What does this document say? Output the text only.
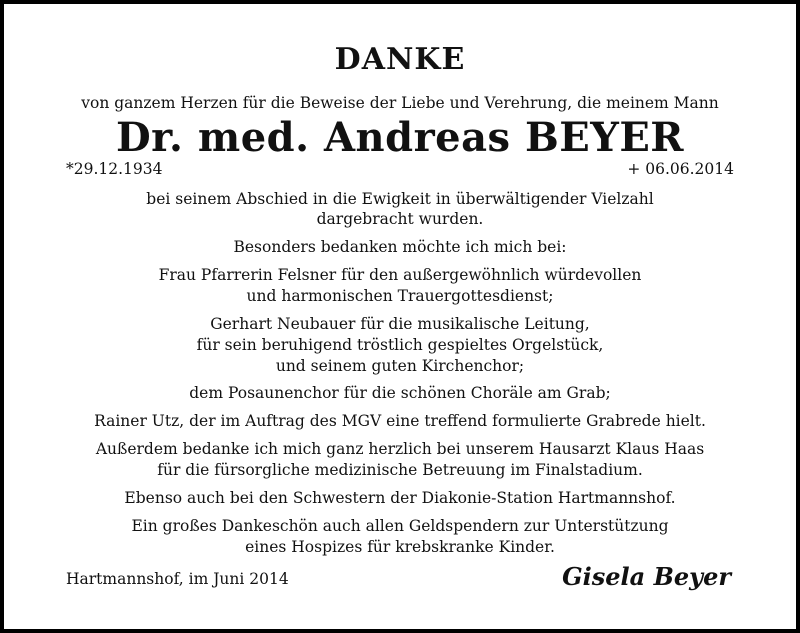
DANKE
von ganzem Herzen für die Beweise der Liebe und Verehrung, die meinem Mann
Dr. med. Andreas BEYER
*29.12.1934	+ 06.06.2014
bei seinem Abschied in die Ewigkeit in überwältigender Vielzahl
dargebracht wurden.
Besonders bedanken möchte ich mich bei:
Frau Pfarrerin Felsner für den außergewöhnlich würdevollen
und harmonischen Trauergottesdienst;
Gerhart Neubauer für die musikalische Leitung,
für sein beruhigend tröstlich gespieltes Orgelstück,
und seinem guten Kirchenchor;
dem Posaunenchor für die schönen Choräle am Grab;
Rainer Utz, der im Auftrag des MGV eine treffend formulierte Grabrede hielt.
Außerdem bedanke ich mich ganz herzlich bei unserem Hausarzt Klaus Haas
für die fürsorgliche medizinische Betreuung im Finalstadium.
Ebenso auch bei den Schwestern der Diakonie-Station Hartmannshof.
Ein großes Dankeschön auch allen Geldspendern zur Unterstützung
eines Hospizes für krebskranke Kinder.
Hartmannshof, im Juni 2014	Gisela Beyer
